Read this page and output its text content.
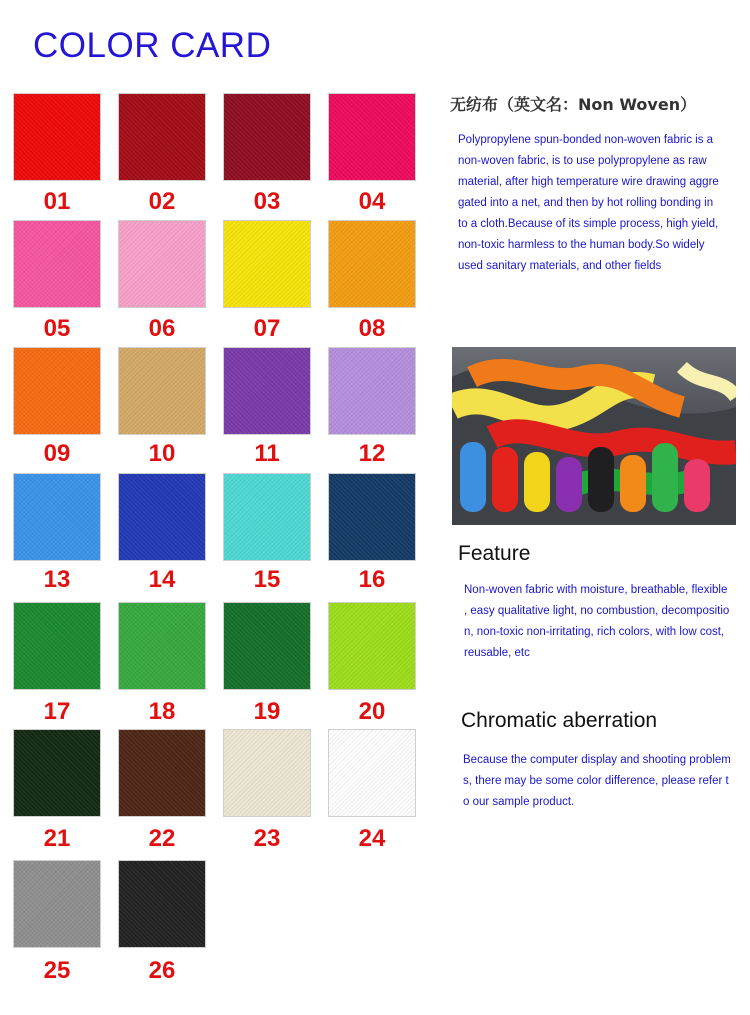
COLOR CARD
01	02	03	04
05	06	07	08
09	10	11	12
13	14	15	16
17	18	19	20
21	22	23	24
25	26
无纺布（英文名：Non Woven）
Polypropylene spun-bonded non-woven fabric is a
non-woven fabric, is to use polypropylene as raw
material, after high temperature wire drawing aggre
gated into a net, and then by hot rolling bonding in
to a cloth.Because of its simple process, high yield,
non-toxic harmless to the human body.So widely
used sanitary materials, and other fields
Feature
Non-woven fabric with moisture, breathable, flexible
, easy qualitative light, no combustion, decompositio
n, non-toxic non-irritating, rich colors, with low cost,
reusable, etc
Chromatic aberration
Because the computer display and shooting problem
s, there may be some color difference, please refer t
o our sample product.
